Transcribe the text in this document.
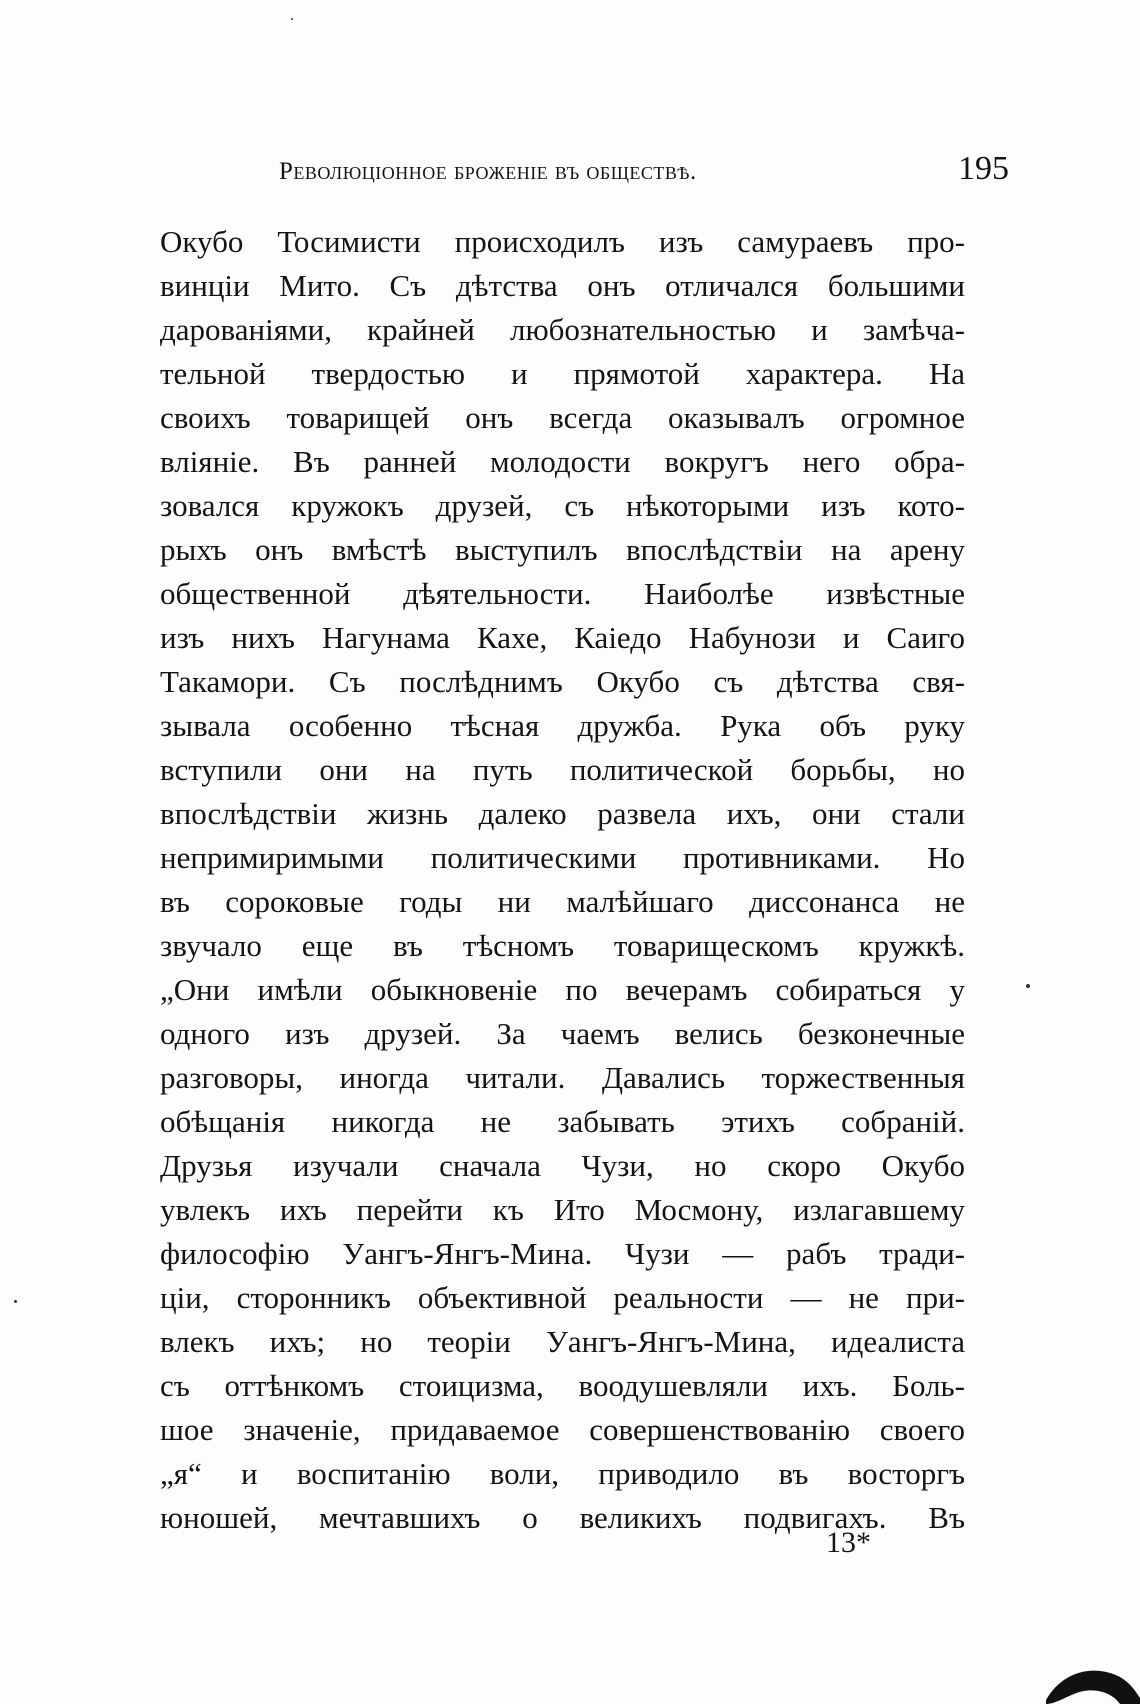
Революціонное броженіе въ обществѣ.	195
Окубо Тосимисти происходилъ изъ самураевъ про-
винціи Мито. Съ дѣтства онъ отличался большими
дарованіями, крайней любознательностью и замѣча-
тельной твердостью и прямотой характера. На
своихъ товарищей онъ всегда оказывалъ огромное
вліяніе. Въ ранней молодости вокругъ него обра-
зовался кружокъ друзей, съ нѣкоторыми изъ кото-
рыхъ онъ вмѣстѣ выступилъ впослѣдствіи на арену
общественной дѣятельности. Наиболѣе извѣстные
изъ нихъ Нагунама Кахе, Каіедо Набунози и Саиго
Такамори. Съ послѣднимъ Окубо съ дѣтства свя-
зывала особенно тѣсная дружба. Рука объ руку
вступили они на путь политической борьбы, но
впослѣдствіи жизнь далеко развела ихъ, они стали
непримиримыми политическими противниками. Но
въ сороковые годы ни малѣйшаго диссонанса не
звучало еще въ тѣсномъ товарищескомъ кружкѣ.
„Они имѣли обыкновеніе по вечерамъ собираться у
одного изъ друзей. За чаемъ велись безконечные
разговоры, иногда читали. Давались торжественныя
обѣщанія никогда не забывать этихъ собраній.
Друзья изучали сначала Чузи, но скоро Окубо
увлекъ ихъ перейти къ Ито Мосмону, излагавшему
философію Уангъ-Янгъ-Мина. Чузи — рабъ тради-
ціи, сторонникъ объективной реальности — не при-
влекъ ихъ; но теоріи Уангъ-Янгъ-Мина, идеалиста
съ оттѣнкомъ стоицизма, воодушевляли ихъ. Боль-
шое значеніе, придаваемое совершенствованію своего
„я“ и воспитанію воли, приводило въ восторгъ
юношей, мечтавшихъ о великихъ подвигахъ. Въ
13*
